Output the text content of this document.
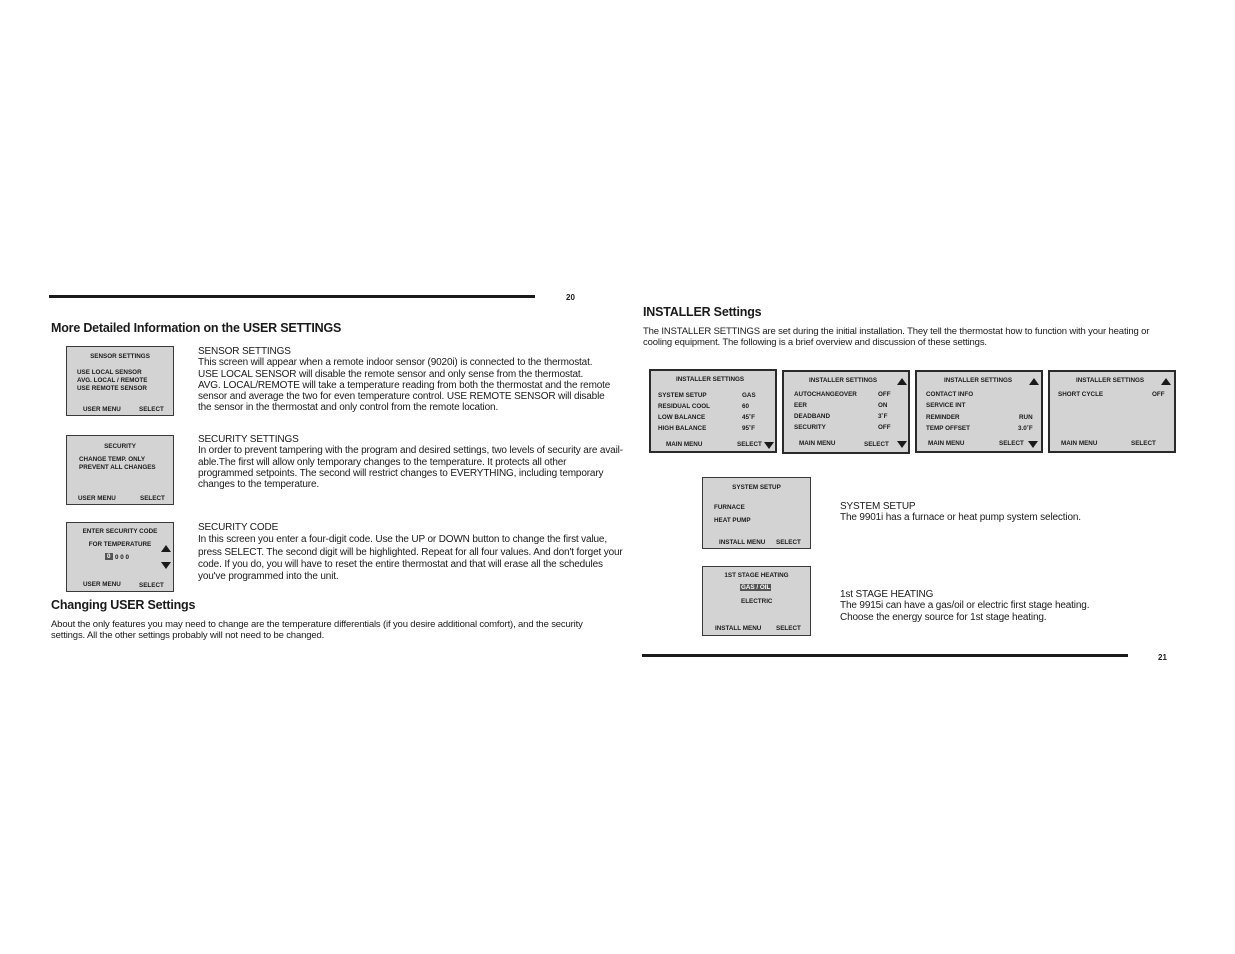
20
More Detailed Information on the USER SETTINGS
SENSOR SETTINGS
USE LOCAL SENSOR
AVG. LOCAL / REMOTE
USE REMOTE SENSOR
USER MENU	SELECT
SENSOR SETTINGS
This screen will appear when a remote indoor sensor (9020i) is connected to the thermostat.
USE LOCAL SENSOR will disable the remote sensor and only sense from the thermostat.
AVG. LOCAL/REMOTE will take a temperature reading from both the thermostat and the remote
sensor and average the two for even temperature control. USE REMOTE SENSOR will disable
the sensor in the thermostat and only control from the remote location.
SECURITY
CHANGE TEMP. ONLY
PREVENT ALL CHANGES
USER MENU	SELECT
SECURITY SETTINGS
In order to prevent tampering with the program and desired settings, two levels of security are avail-
able.The first will allow only temporary changes to the temperature. It protects all other
programmed setpoints. The second will restrict changes to EVERYTHING, including temporary
changes to the temperature.
ENTER SECURITY CODE
FOR TEMPERATURE
0 0 0 0
USER MENU	SELECT
SECURITY CODE
In this screen you enter a four-digit code. Use the UP or DOWN button to change the first value,
press SELECT. The second digit will be highlighted. Repeat for all four values. And don't forget your
code. If you do, you will have to reset the entire thermostat and that will erase all the schedules
you've programmed into the unit.
Changing USER Settings
About the only features you may need to change are the temperature differentials (if you desire additional comfort), and the security
settings. All the other settings probably will not need to be changed.
INSTALLER Settings
The INSTALLER SETTINGS are set during the initial installation. They tell the thermostat how to function with your heating or
cooling equipment. The following is a brief overview and discussion of these settings.
INSTALLER SETTINGS
SYSTEM SETUP	GAS
RESIDUAL COOL	60
LOW BALANCE	45˚F
HIGH BALANCE	95˚F
MAIN MENU	SELECT
INSTALLER SETTINGS
AUTOCHANGEOVER	OFF
EER	ON
DEADBAND	3˚F
SECURITY	OFF
MAIN MENU	SELECT
INSTALLER SETTINGS
CONTACT INFO
SERVICE INT
REMINDER	RUN
TEMP OFFSET	3.0˚F
MAIN MENU	SELECT
INSTALLER SETTINGS
SHORT CYCLE	OFF
MAIN MENU	SELECT
SYSTEM SETUP
FURNACE
HEAT PUMP
INSTALL MENU SELECT
SYSTEM SETUP
The 9901i has a furnace or heat pump system selection.
1ST STAGE HEATING
GAS / OIL
ELECTRIC
INSTALL MENU SELECT
1st STAGE HEATING
The 9915i can have a gas/oil or electric first stage heating.
Choose the energy source for 1st stage heating.
21
